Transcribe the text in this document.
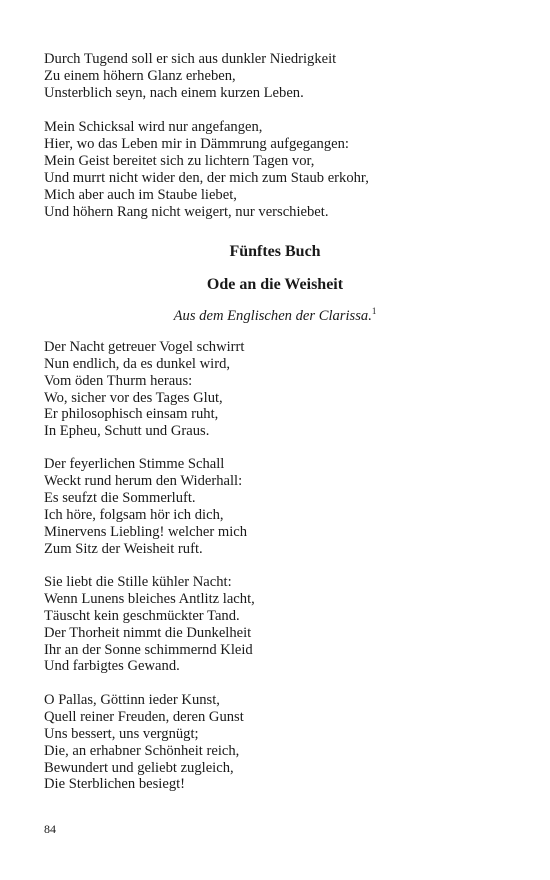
Durch Tugend soll er sich aus dunkler Niedrigkeit
Zu einem höhern Glanz erheben,
Unsterblich seyn, nach einem kurzen Leben.
Mein Schicksal wird nur angefangen,
Hier, wo das Leben mir in Dämmrung aufgegangen:
Mein Geist bereitet sich zu lichtern Tagen vor,
Und murrt nicht wider den, der mich zum Staub erkohr,
Mich aber auch im Staube liebet,
Und höhern Rang nicht weigert, nur verschiebet.
Fünftes Buch
Ode an die Weisheit
Aus dem Englischen der Clarissa.$^1$
Der Nacht getreuer Vogel schwirrt
Nun endlich, da es dunkel wird,
Vom öden Thurm heraus:
Wo, sicher vor des Tages Glut,
Er philosophisch einsam ruht,
In Epheu, Schutt und Graus.
Der feyerlichen Stimme Schall
Weckt rund herum den Widerhall:
Es seufzt die Sommerluft.
Ich höre, folgsam hör ich dich,
Minervens Liebling! welcher mich
Zum Sitz der Weisheit ruft.
Sie liebt die Stille kühler Nacht:
Wenn Lunens bleiches Antlitz lacht,
Täuscht kein geschmückter Tand.
Der Thorheit nimmt die Dunkelheit
Ihr an der Sonne schimmernd Kleid
Und farbigtes Gewand.
O Pallas, Göttinn ieder Kunst,
Quell reiner Freuden, deren Gunst
Uns bessert, uns vergnügt;
Die, an erhabner Schönheit reich,
Bewundert und geliebt zugleich,
Die Sterblichen besiegt!
84
